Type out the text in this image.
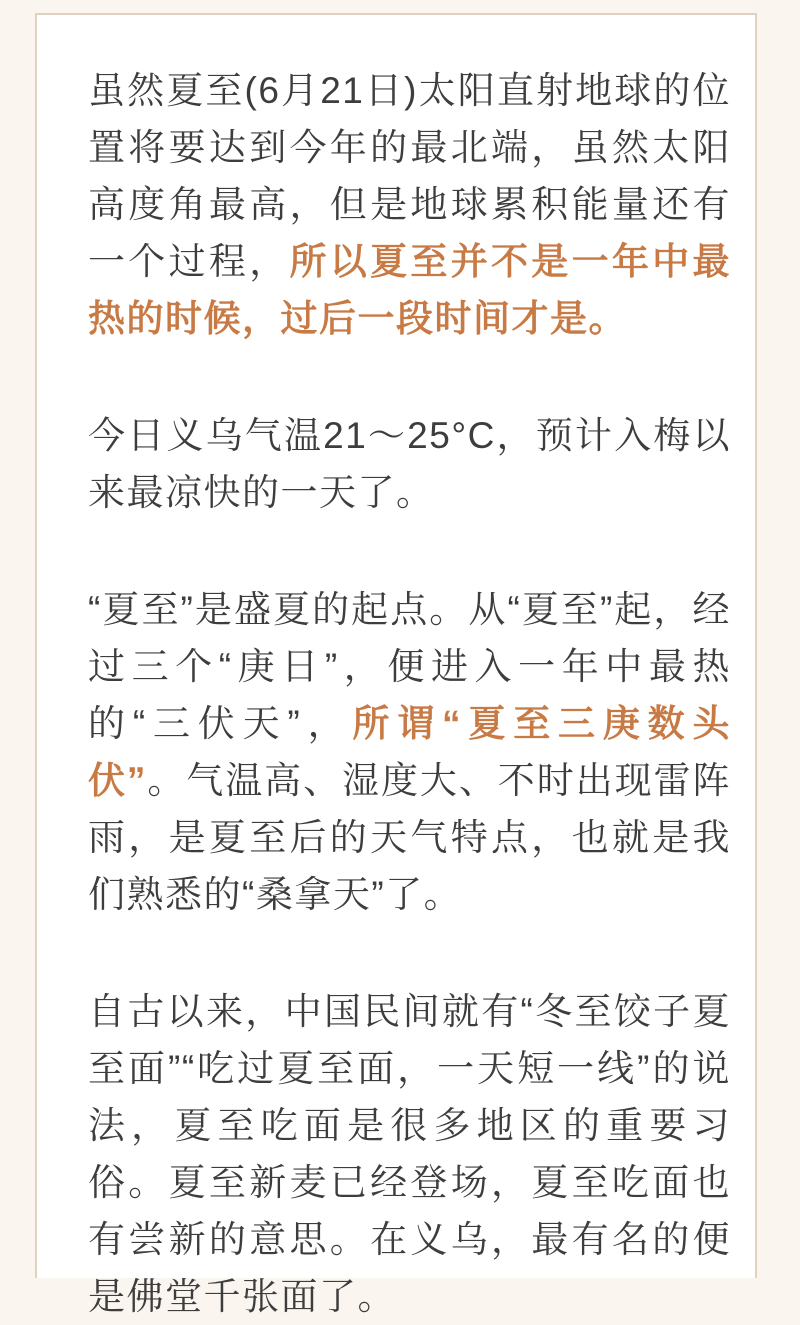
虽然夏至(6月21日)太阳直射地球的位置将要达到今年的最北端，虽然太阳高度角最高，但是地球累积能量还有一个过程，所以夏至并不是一年中最热的时候，过后一段时间才是。

今日义乌气温21～25°C，预计入梅以来最凉快的一天了。

“夏至”是盛夏的起点。从“夏至”起，经过三个“庚日”，便进入一年中最热的“三伏天”，所谓“夏至三庚数头伏”。气温高、湿度大、不时出现雷阵雨，是夏至后的天气特点，也就是我们熟悉的“桑拿天”了。

自古以来，中国民间就有“冬至饺子夏至面”“吃过夏至面，一天短一线”的说法，夏至吃面是很多地区的重要习俗。夏至新麦已经登场，夏至吃面也有尝新的意思。在义乌，最有名的便是佛堂千张面了。
